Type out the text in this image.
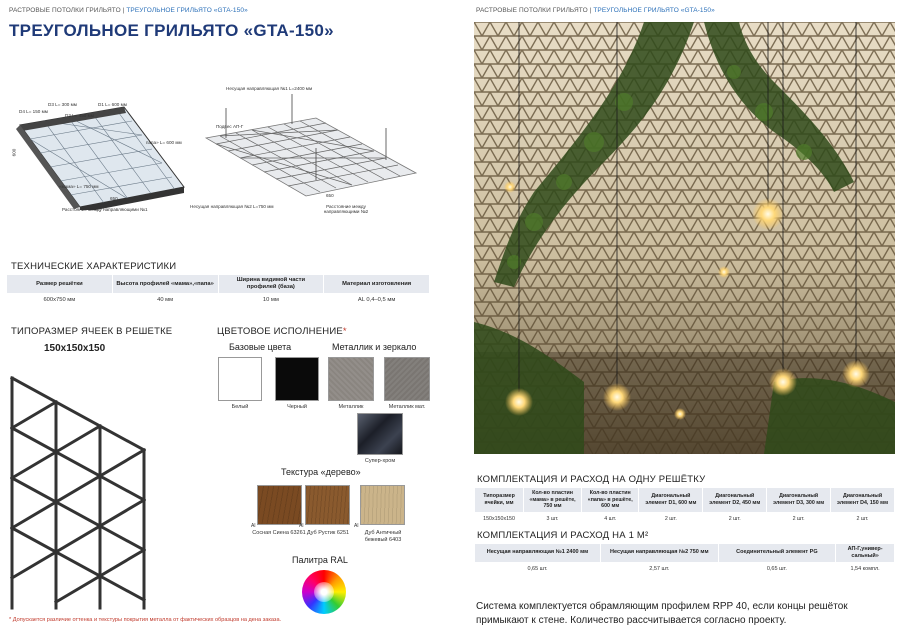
РАСТРОВЫЕ ПОТОЛКИ ГРИЛЬЯТО | ТРЕУГОЛЬНОЕ ГРИЛЬЯТО «GTA-150»
ТРЕУГОЛЬНОЕ ГРИЛЬЯТО «GTA-150»
D3 L= 300 мм	D1 L= 600 мм
D4 L= 150 мм
D2 L= 450 мм
папа» L= 600 мм
«мама» L= 750 мм
600
650
Расстояние между направляющими №1
Несущая направляющая №1 L=2400 мм
Подвес АП-Г
Несущая направляющая №2 L=750 мм
650
Расстояние между направляющими №2
ТЕХНИЧЕСКИЕ ХАРАКТЕРИСТИКИ
Размер решётки	Высота профилей «мама»,«папа»	Ширина видимой части профилей (база)	Материал изготовления
600х750 мм	40 мм	10 мм	AL 0,4–0,5 мм
ТИПОРАЗМЕР ЯЧЕЕК В РЕШЕТКЕ
150х150х150
ЦВЕТОВОЕ ИСПОЛНЕНИЕ*
Базовые цвета	Металлик и зеркало
Белый	Черный	Металлик	Металлик мат.
Супер-хром
Текстура «дерево»
Al	Al	Al
Сосная Сиена 63261 Дуб Рустик 6251	Дуб Античный бежевый 6403
Палитра RAL
* Допускается различие оттенка и текстуры покрытия металла от фактических образцов на дена заказа.
РАСТРОВЫЕ ПОТОЛКИ ГРИЛЬЯТО | ТРЕУГОЛЬНОЕ ГРИЛЬЯТО «GTA-150»
КОМПЛЕКТАЦИЯ И РАСХОД НА ОДНУ РЕШЁТКУ
Типоразмер ячейки, мм	Кол-во пластин «мама» в решёте, 750 мм	Кол-во пластин «папа» в решёте, 600 мм	Диагональный элемент D1, 600 мм	Диагональный элемент D2, 450 мм	Диагональный элемент D3, 300 мм	Диагональный элемент D4, 150 мм
150х150х150	3 шт.	4 шт.	2 шт.	2 шт.	2 шт.	2 шт.
КОМПЛЕКТАЦИЯ И РАСХОД НА 1 М²
Несущая направляющая №1 2400 мм	Несущая направляющая №2 750 мм	Соединительный элемент PG	АП-Г,универ-сальный»
0,65 шт.	2,57 шт.	0,65 шт.	1,54 компл.
Система комплектуется обрамляющим профилем RPP 40, если концы решёток примыкают к стене. Количество рассчитывается согласно проекту.
